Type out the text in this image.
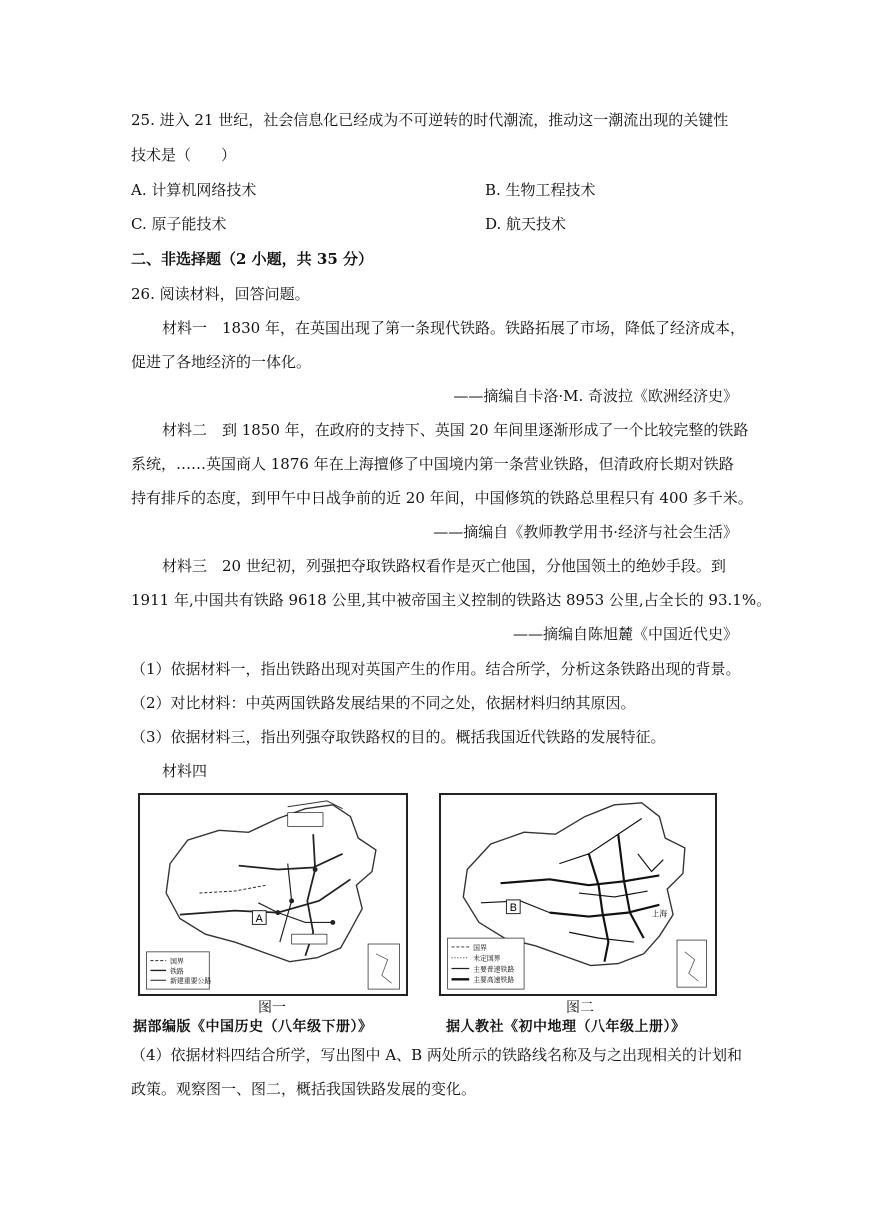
25. 进入 21 世纪，社会信息化已经成为不可逆转的时代潮流，推动这一潮流出现的关键性
技术是（　　）
A. 计算机网络技术	B. 生物工程技术
C. 原子能技术	D. 航天技术
二、非选择题（2 小题，共 35 分）
26. 阅读材料，回答问题。
材料一　1830 年，在英国出现了第一条现代铁路。铁路拓展了市场，降低了经济成本，
促进了各地经济的一体化。
——摘编自卡洛·M. 奇波拉《欧洲经济史》
材料二　到 1850 年，在政府的支持下、英国 20 年间里逐渐形成了一个比较完整的铁路
系统，……英国商人 1876 年在上海擅修了中国境内第一条营业铁路，但清政府长期对铁路
持有排斥的态度，到甲午中日战争前的近 20 年间，中国修筑的铁路总里程只有 400 多千米。
——摘编自《教师教学用书·经济与社会生活》
材料三　20 世纪初，列强把夺取铁路权看作是灭亡他国，分他国领土的绝妙手段。到
1911 年,中国共有铁路 9618 公里,其中被帝国主义控制的铁路达 8953 公里,占全长的 93.1%。
——摘编自陈旭麓《中国近代史》
（1）依据材料一，指出铁路出现对英国产生的作用。结合所学，分析这条铁路出现的背景。
（2）对比材料：中英两国铁路发展结果的不同之处，依据材料归纳其原因。
（3）依据材料三，指出列强夺取铁路权的目的。概括我国近代铁路的发展特征。
材料四
A
国界
铁路
新建重要公路
B	上海
国界
未定国界
主要普速铁路
主要高速铁路
图一	图二
据部编版《中国历史（八年级下册）》	据人教社《初中地理（八年级上册）》
（4）依据材料四结合所学，写出图中 A、B 两处所示的铁路线名称及与之出现相关的计划和
政策。观察图一、图二，概括我国铁路发展的变化。
